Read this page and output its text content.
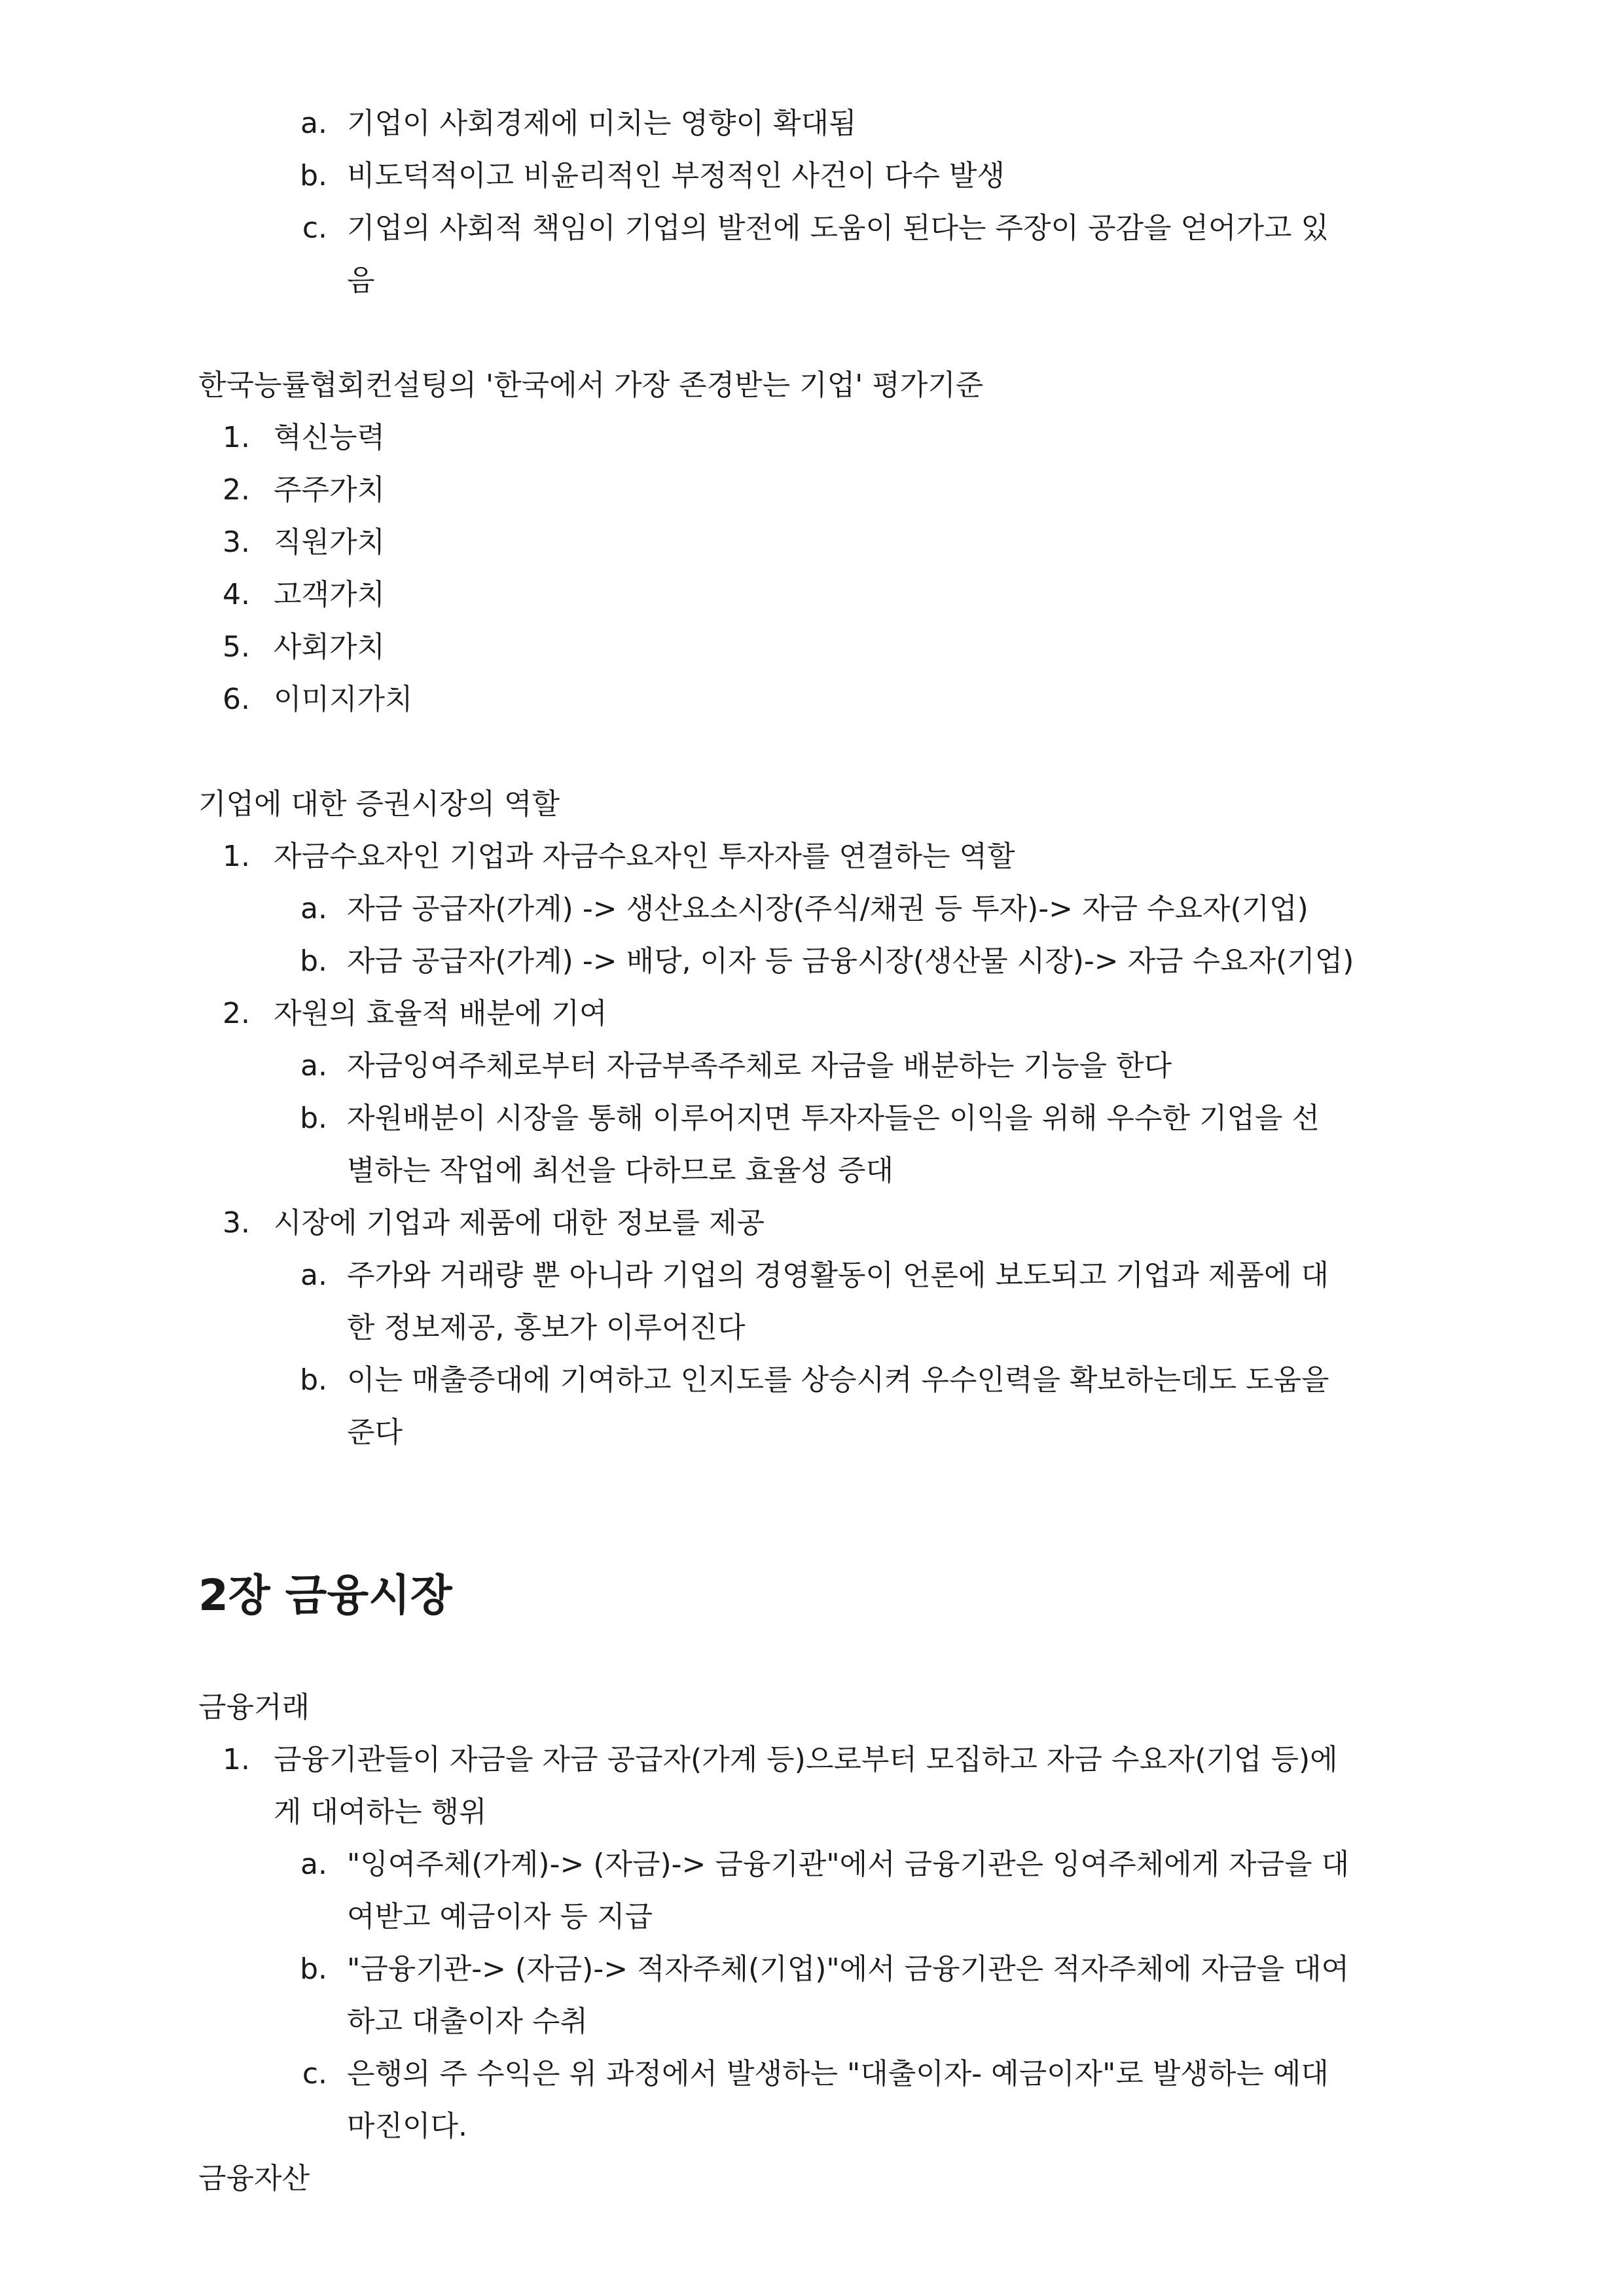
a. 기업이 사회경제에 미치는 영향이 확대됨
b. 비도덕적이고 비윤리적인 부정적인 사건이 다수 발생
c. 기업의 사회적 책임이 기업의 발전에 도움이 된다는 주장이 공감을 얻어가고 있
음
한국능률협회컨설팅의 '한국에서 가장 존경받는 기업' 평가기준
1. 혁신능력
2. 주주가치
3. 직원가치
4. 고객가치
5. 사회가치
6. 이미지가치
기업에 대한 증권시장의 역할
1. 자금수요자인 기업과 자금수요자인 투자자를 연결하는 역할
a. 자금 공급자(가계) -> 생산요소시장(주식/채권 등 투자)-> 자금 수요자(기업)
b. 자금 공급자(가계) -> 배당, 이자 등 금융시장(생산물 시장)-> 자금 수요자(기업)
2. 자원의 효율적 배분에 기여
a. 자금잉여주체로부터 자금부족주체로 자금을 배분하는 기능을 한다
b. 자원배분이 시장을 통해 이루어지면 투자자들은 이익을 위해 우수한 기업을 선
별하는 작업에 최선을 다하므로 효율성 증대
3. 시장에 기업과 제품에 대한 정보를 제공
a. 주가와 거래량 뿐 아니라 기업의 경영활동이 언론에 보도되고 기업과 제품에 대
한 정보제공, 홍보가 이루어진다
b. 이는 매출증대에 기여하고 인지도를 상승시켜 우수인력을 확보하는데도 도움을
준다
2장 금융시장
금융거래
1. 금융기관들이 자금을 자금 공급자(가계 등)으로부터 모집하고 자금 수요자(기업 등)에
게 대여하는 행위
a. "잉여주체(가계)-> (자금)-> 금융기관"에서 금융기관은 잉여주체에게 자금을 대
여받고 예금이자 등 지급
b. "금융기관-> (자금)-> 적자주체(기업)"에서 금융기관은 적자주체에 자금을 대여
하고 대출이자 수취
c. 은행의 주 수익은 위 과정에서 발생하는 "대출이자- 예금이자"로 발생하는 예대
마진이다.
금융자산
